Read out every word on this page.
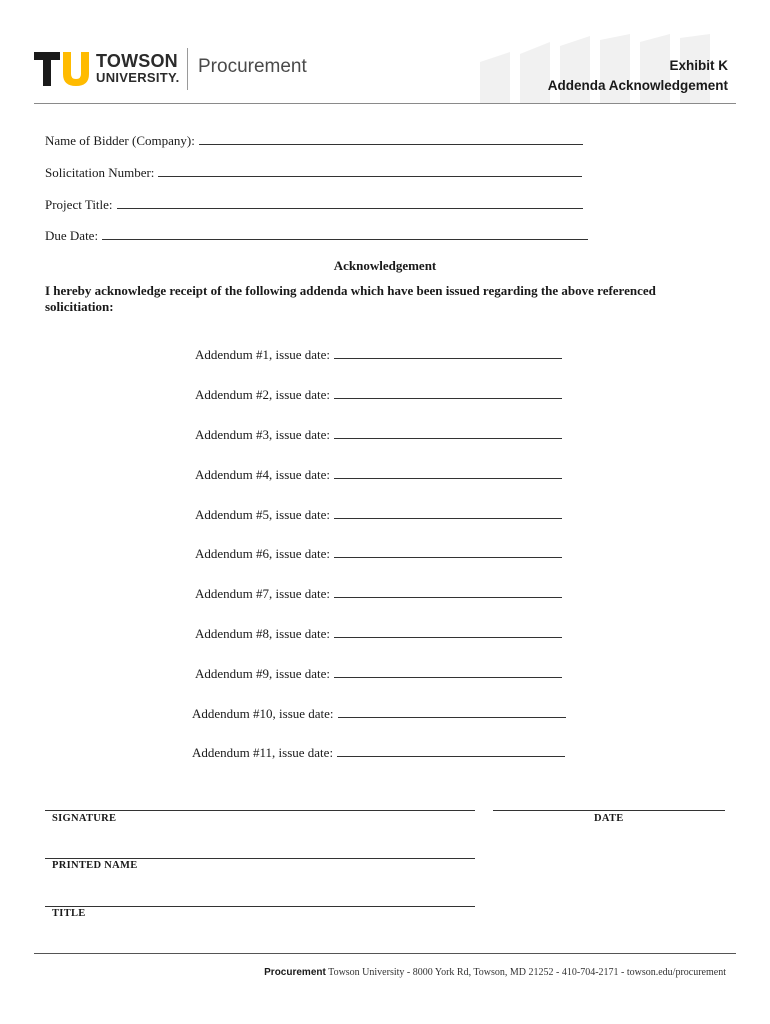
TOWSON
UNIVERSITY.
Procurement	Exhibit K
Addenda Acknowledgement
Name of Bidder (Company):
Solicitation Number:
Project Title:
Due Date:
Acknowledgement
I hereby acknowledge receipt of the following addenda which have been issued regarding the above referenced solicitiation:
Addendum #1, issue date:
Addendum #2, issue date:
Addendum #3, issue date:
Addendum #4, issue date:
Addendum #5, issue date:
Addendum #6, issue date:
Addendum #7, issue date:
Addendum #8, issue date:
Addendum #9, issue date:
Addendum #10, issue date:
Addendum #11, issue date:
SIGNATURE	DATE
PRINTED NAME
TITLE
Procurement Towson University - 8000 York Rd, Towson, MD 21252 - 410-704-2171 - towson.edu/procurement
